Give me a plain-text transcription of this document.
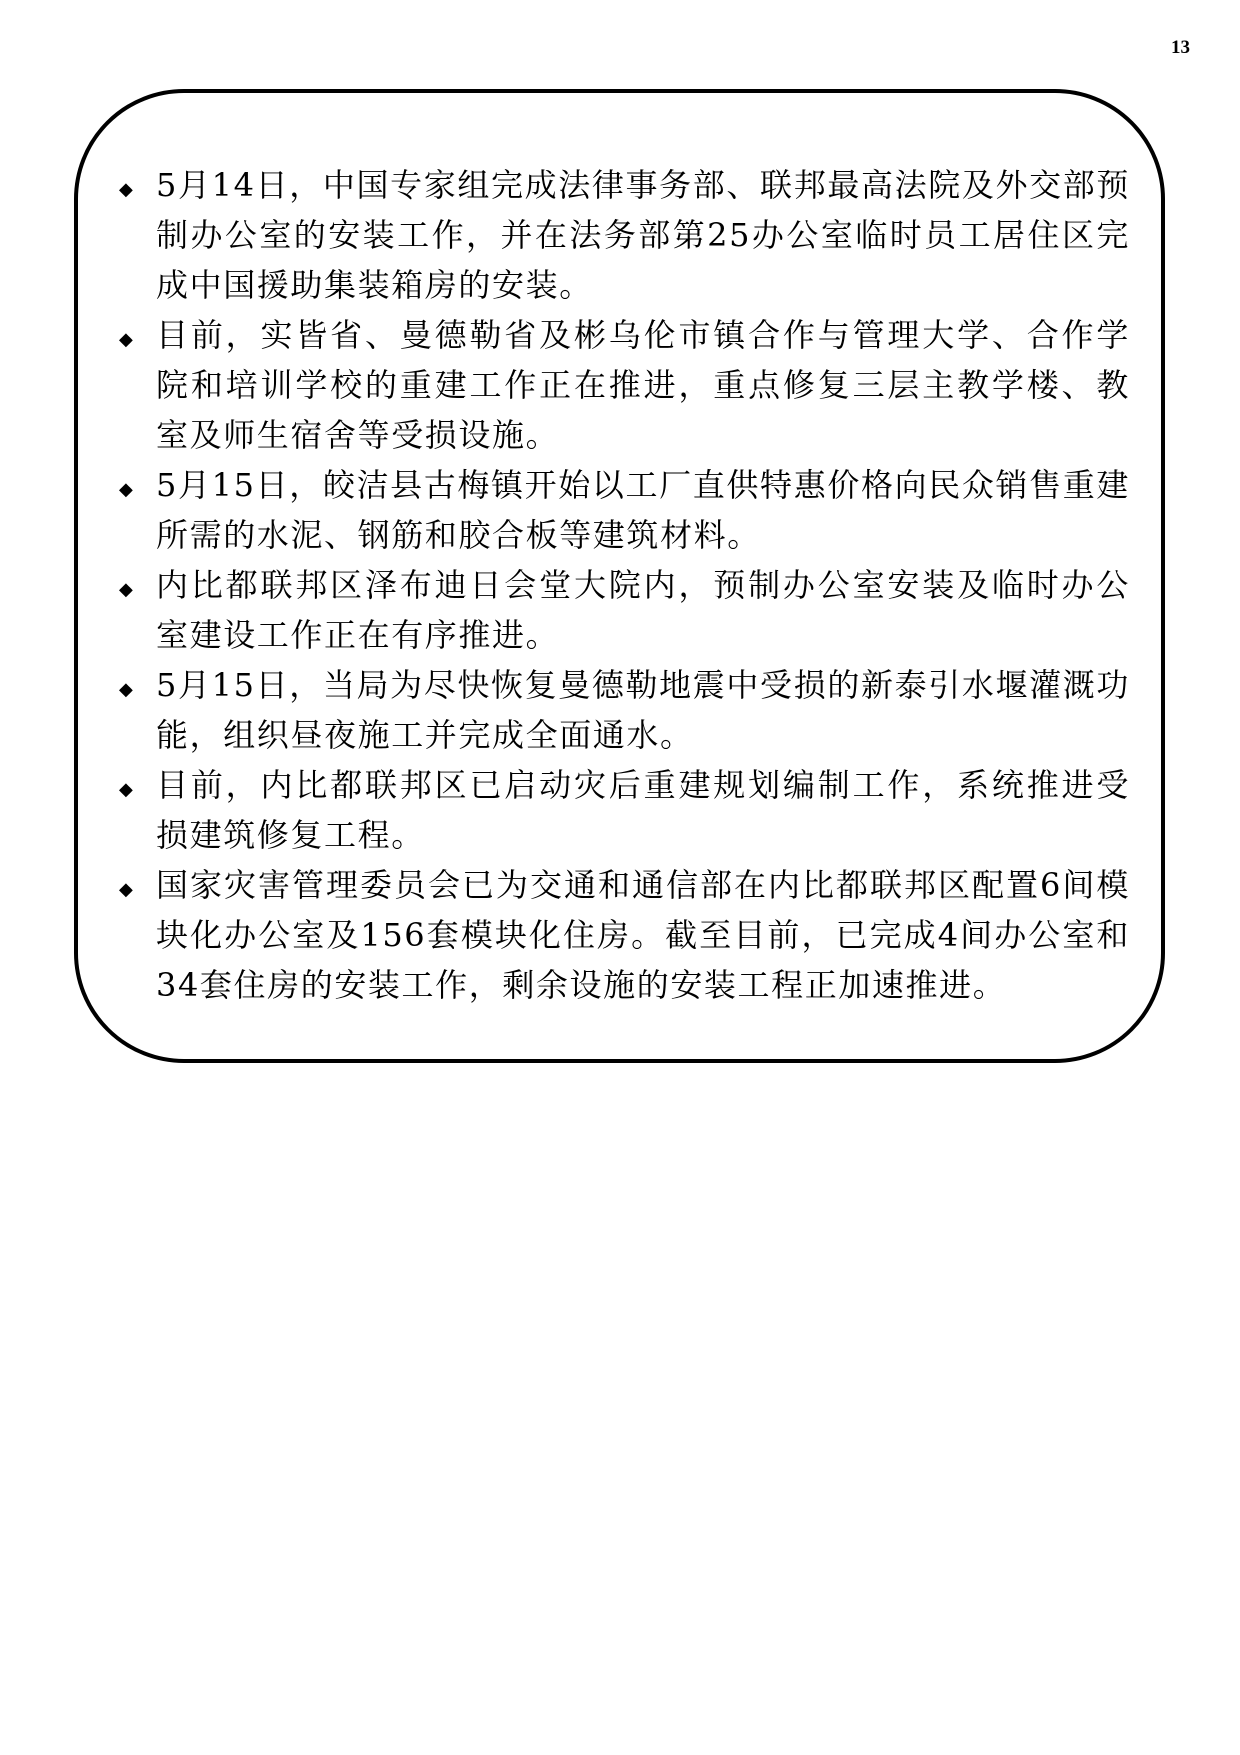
13
◆ 5月14日，中国专家组完成法律事务部、联邦最高法院及外交部预制办公室的安装工作，并在法务部第25办公室临时员工居住区完成中国援助集装箱房的安装。
◆ 目前，实皆省、曼德勒省及彬乌伦市镇合作与管理大学、合作学院和培训学校的重建工作正在推进，重点修复三层主教学楼、教室及师生宿舍等受损设施。
◆ 5月15日，皎洁县古梅镇开始以工厂直供特惠价格向民众销售重建所需的水泥、钢筋和胶合板等建筑材料。
◆ 内比都联邦区泽布迪日会堂大院内，预制办公室安装及临时办公室建设工作正在有序推进。
◆ 5月15日，当局为尽快恢复曼德勒地震中受损的新泰引水堰灌溉功能，组织昼夜施工并完成全面通水。
◆ 目前，内比都联邦区已启动灾后重建规划编制工作，系统推进受损建筑修复工程。
◆ 国家灾害管理委员会已为交通和通信部在内比都联邦区配置6间模块化办公室及156套模块化住房。截至目前，已完成4间办公室和34套住房的安装工作，剩余设施的安装工程正加速推进。
